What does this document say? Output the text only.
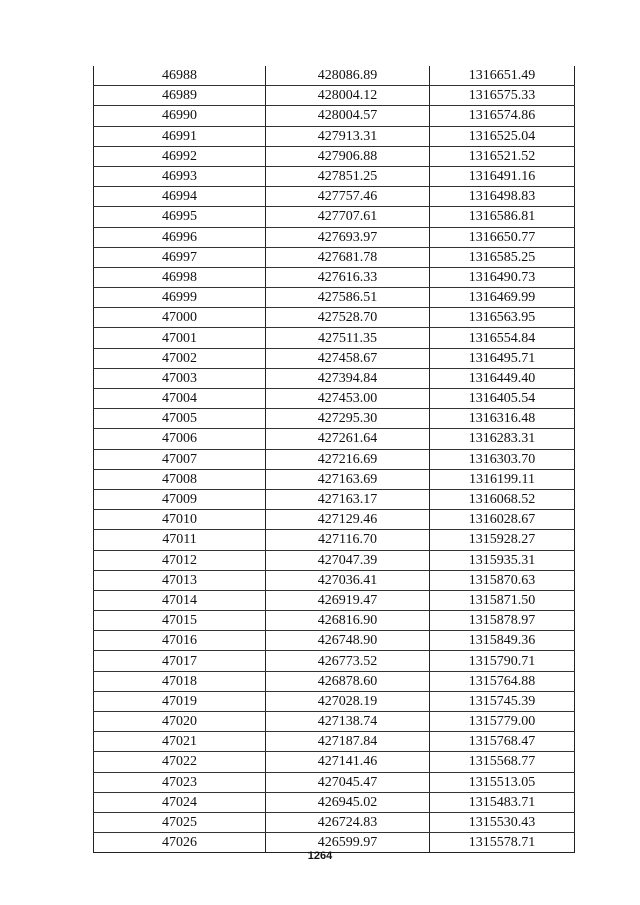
46988	428086.89	1316651.49
46989	428004.12	1316575.33
46990	428004.57	1316574.86
46991	427913.31	1316525.04
46992	427906.88	1316521.52
46993	427851.25	1316491.16
46994	427757.46	1316498.83
46995	427707.61	1316586.81
46996	427693.97	1316650.77
46997	427681.78	1316585.25
46998	427616.33	1316490.73
46999	427586.51	1316469.99
47000	427528.70	1316563.95
47001	427511.35	1316554.84
47002	427458.67	1316495.71
47003	427394.84	1316449.40
47004	427453.00	1316405.54
47005	427295.30	1316316.48
47006	427261.64	1316283.31
47007	427216.69	1316303.70
47008	427163.69	1316199.11
47009	427163.17	1316068.52
47010	427129.46	1316028.67
47011	427116.70	1315928.27
47012	427047.39	1315935.31
47013	427036.41	1315870.63
47014	426919.47	1315871.50
47015	426816.90	1315878.97
47016	426748.90	1315849.36
47017	426773.52	1315790.71
47018	426878.60	1315764.88
47019	427028.19	1315745.39
47020	427138.74	1315779.00
47021	427187.84	1315768.47
47022	427141.46	1315568.77
47023	427045.47	1315513.05
47024	426945.02	1315483.71
47025	426724.83	1315530.43
47026	426599.97	1315578.71
1264
